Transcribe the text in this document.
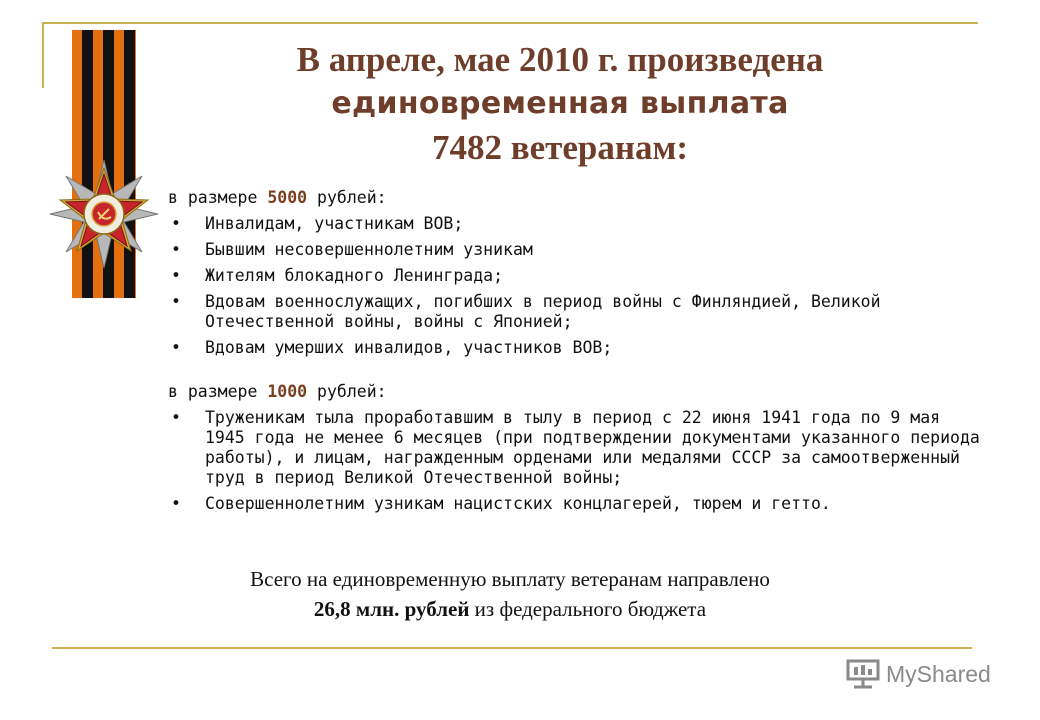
В апреле, мае 2010 г. произведена
единовременная выплата
7482 ветеранам:

в размере 5000 рублей:

• Инвалидам, участникам ВОВ;
• Бывшим несовершеннолетним узникам
• Жителям блокадного Ленинграда;
• Вдовам военнослужащих, погибших в период войны с Финляндией, Великой Отечественной войны, войны с Японией;
• Вдовам умерших инвалидов, участников ВОВ;

в размере 1000 рублей:

• Труженикам тыла проработавшим в тылу в период с 22 июня 1941 года по 9 мая 1945 года не менее 6 месяцев (при подтверждении документами указанного периода работы), и лицам, награжденным орденами или медалями СССР за самоотверженный труд в период Великой Отечественной войны;
• Совершеннолетним узникам нацистских концлагерей, тюрем и гетто.
Всего на единовременную выплату ветеранам направлено
26,8 млн. рублей из федерального бюджета
MyShared
